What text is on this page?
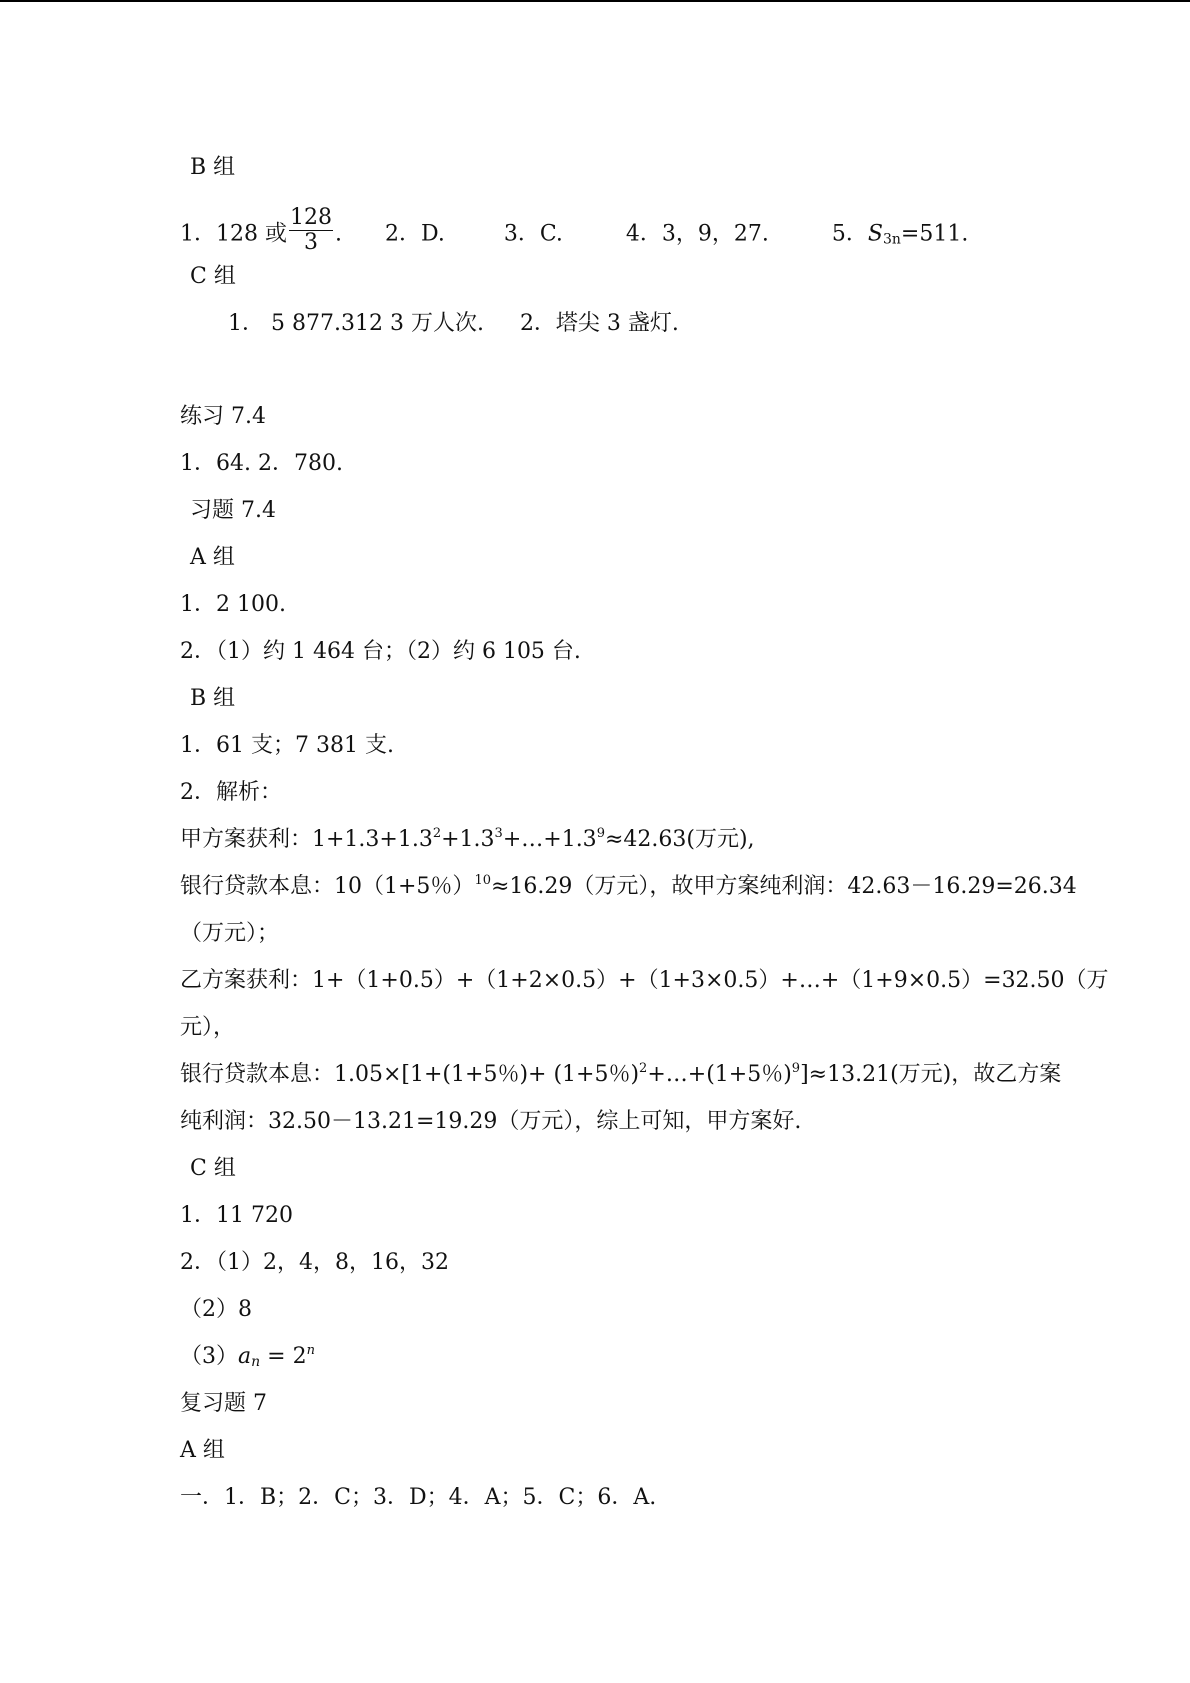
B 组
1．128 或 $\frac{128}{3}$ . 2．D.	3．C.	4．3，9，27.	5．$S_{3n}=511$.
C 组
1． 5 877.312 3 万人次. 2．塔尖 3 盏灯.
练习 7.4
1．64. 2．780.
习题 7.4
A 组
1．2 100.
2．（1）约 1 464 台；（2）约 6 105 台.
B 组
1．61 支；7 381 支.
2．解析：
甲方案获利：$1+1.3+1.3^2+1.3^3+\dots+1.3^9\approx 42.63$(万元),
银行贷款本息：10（1+5％）$^{10}$≈16.29（万元），故甲方案纯利润：42.63－16.29=26.34
（万元）；
乙方案获利：1+（1+0.5）+（1+2×0.5）+（1+3×0.5）+…+（1+9×0.5）=32.50（万
元），
银行贷款本息：1.05×[1+(1+5％)+ (1+5％)$^2$+…+(1+5％)$^9$]≈13.21(万元)，故乙方案
纯利润：32.50－13.21=19.29（万元），综上可知，甲方案好.
C 组
1．11 720
2．（1）2，4，8，16，32
（2）8
$(3)a_n = 2^n$
复习题 7
A 组
一．1．B；2．C；3．D；4．A；5．C；6．A.
